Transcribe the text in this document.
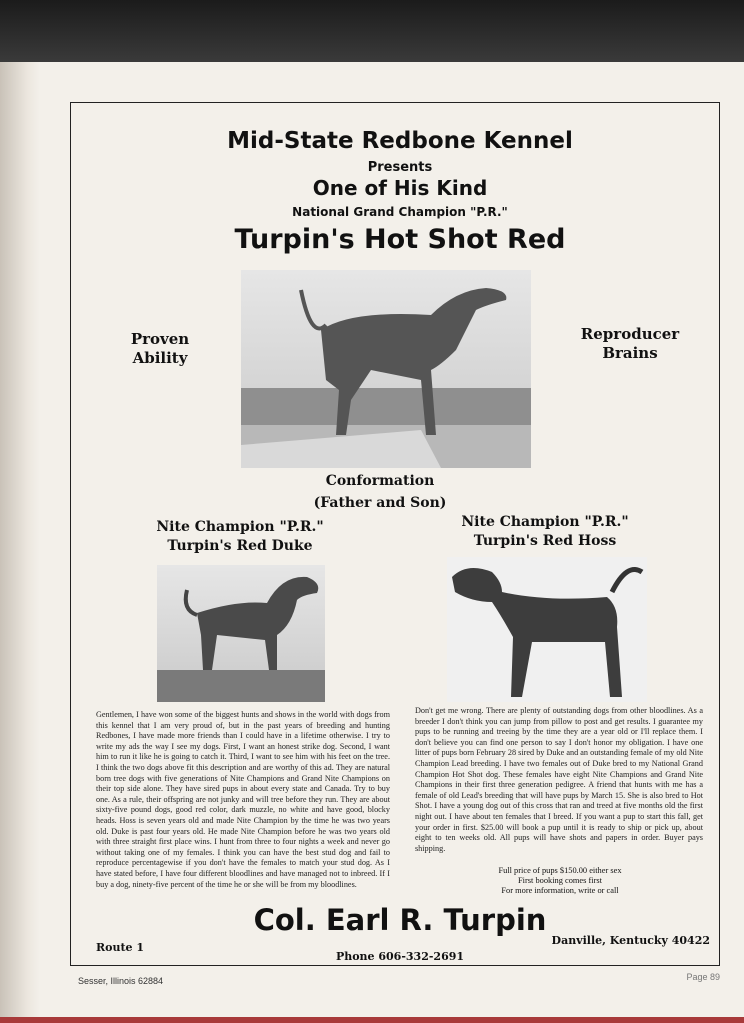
Mid-State Redbone Kennel
Presents
One of His Kind
National Grand Champion "P.R."
Turpin's Hot Shot Red
Proven
Ability
Reproducer
Brains
Conformation
(Father and Son)
Nite Champion "P.R."
Turpin's Red Duke
Nite Champion "P.R."
Turpin's Red Hoss
Gentlemen, I have won some of the biggest hunts and shows in the world with dogs from this kennel that I am very proud of, but in the past years of breeding and hunting Redbones, I have made more friends than I could have in a lifetime otherwise. I try to write my ads the way I see my dogs. First, I want an honest strike dog. Second, I want him to run it like he is going to catch it. Third, I want to see him with his feet on the tree. I think the two dogs above fit this description and are worthy of this ad. They are natural born tree dogs with five generations of Nite Champions and Grand Nite Champions on their top side alone. They have sired pups in about every state and Canada. Try to buy one. As a rule, their offspring are not junky and will tree before they run. They are about sixty-five pound dogs, good red color, dark muzzle, no white and have good, blocky heads. Hoss is seven years old and made Nite Champion by the time he was two years old. Duke is past four years old. He made Nite Champion before he was two years old with three straight first place wins. I hunt from three to four nights a week and never go without taking one of my females. I think you can have the best stud dog and fail to reproduce percentagewise if you don't have the females to match your stud dog. As I have stated before, I have four different bloodlines and have managed not to inbreed. If I buy a dog, ninety-five percent of the time he or she will be from my bloodlines.
Don't get me wrong. There are plenty of outstanding dogs from other bloodlines. As a breeder I don't think you can jump from pillow to post and get results. I guarantee my pups to be running and treeing by the time they are a year old or I'll replace them. I don't believe you can find one person to say I don't honor my obligation. I have one litter of pups born February 28 sired by Duke and an outstanding female of my old Nite Champion Lead breeding. I have two females out of Duke bred to my National Grand Champion Hot Shot dog. These females have eight Nite Champions and Grand Nite Champions in their first three generation pedigree. A friend that hunts with me has a female of old Lead's breeding that will have pups by March 15. She is also bred to Hot Shot. I have a young dog out of this cross that ran and treed at five months old the first night out. I have about ten females that I breed. If you want a pup to start this fall, get your order in first. $25.00 will book a pup until it is ready to ship or pick up, about eight to ten weeks old. All pups will have shots and papers in order. Buyer pays shipping.
Full price of pups $150.00 either sex
First booking comes first
For more information, write or call
Col. Earl R. Turpin
Route 1
Danville, Kentucky 40422
Phone 606-332-2691
Sesser, Illinois 62884	Page 89
